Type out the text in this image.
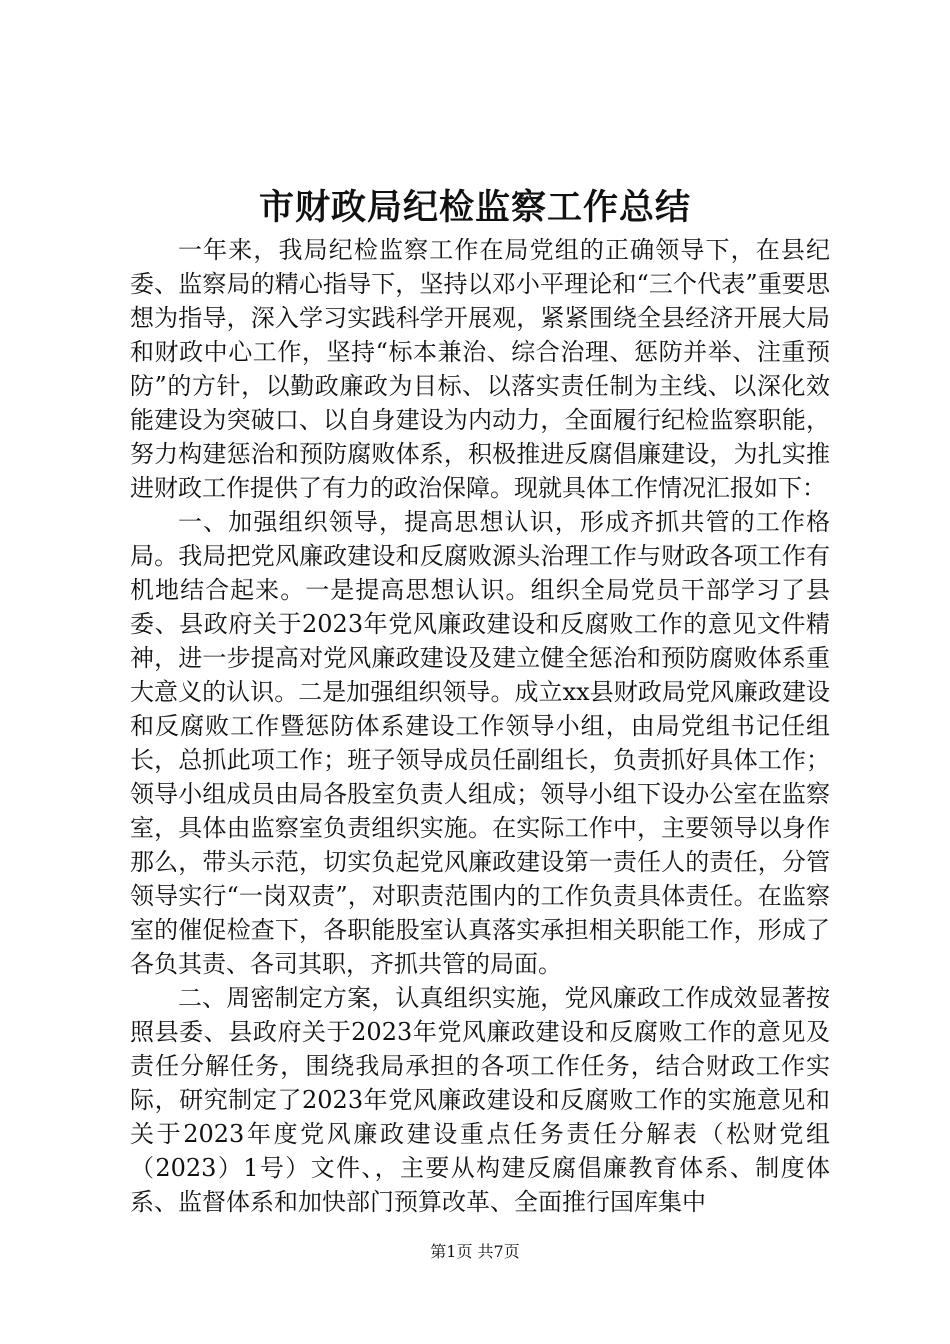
市财政局纪检监察工作总结

一年来，我局纪检监察工作在局党组的正确领导下，在县纪委、监察局的精心指导下，坚持以邓小平理论和“三个代表”重要思想为指导，深入学习实践科学开展观，紧紧围绕全县经济开展大局和财政中心工作，坚持“标本兼治、综合治理、惩防并举、注重预防”的方针，以勤政廉政为目标、以落实责任制为主线、以深化效能建设为突破口、以自身建设为内动力，全面履行纪检监察职能，努力构建惩治和预防腐败体系，积极推进反腐倡廉建设，为扎实推进财政工作提供了有力的政治保障。现就具体工作情况汇报如下：

一、加强组织领导，提高思想认识，形成齐抓共管的工作格局。我局把党风廉政建设和反腐败源头治理工作与财政各项工作有机地结合起来。一是提高思想认识。组织全局党员干部学习了县委、县政府关于2023年党风廉政建设和反腐败工作的意见文件精神，进一步提高对党风廉政建设及建立健全惩治和预防腐败体系重大意义的认识。二是加强组织领导。成立xx县财政局党风廉政建设和反腐败工作暨惩防体系建设工作领导小组，由局党组书记任组长，总抓此项工作；班子领导成员任副组长，负责抓好具体工作；领导小组成员由局各股室负责人组成；领导小组下设办公室在监察室，具体由监察室负责组织实施。在实际工作中，主要领导以身作那么，带头示范，切实负起党风廉政建设第一责任人的责任，分管领导实行“一岗双责”，对职责范围内的工作负责具体责任。在监察室的催促检查下，各职能股室认真落实承担相关职能工作，形成了各负其责、各司其职，齐抓共管的局面。

二、周密制定方案，认真组织实施，党风廉政工作成效显著按照县委、县政府关于2023年党风廉政建设和反腐败工作的意见及责任分解任务，围绕我局承担的各项工作任务，结合财政工作实际，研究制定了2023年党风廉政建设和反腐败工作的实施意见和关于2023年度党风廉政建设重点任务责任分解表（松财党组（2023）1号）文件、，主要从构建反腐倡廉教育体系、制度体系、监督体系和加快部门预算改革、全面推行国库集中

第1页 共7页
